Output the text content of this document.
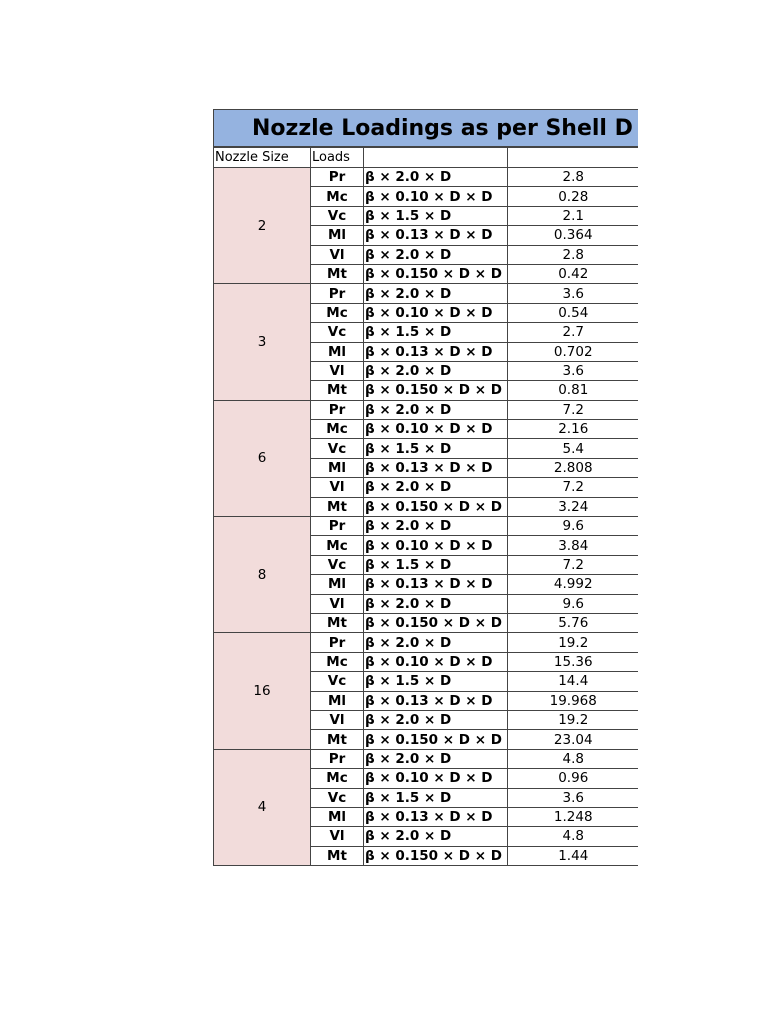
Nozzle Loadings as per Shell D
Nozzle Size	Loads		
2	Pr	β × 2.0 × D	2.8
	Mc	β × 0.10 × D × D	0.28
	Vc	β × 1.5 × D	2.1
	Ml	β × 0.13 × D × D	0.364
	Vl	β × 2.0 × D	2.8
	Mt	β × 0.150 × D × D	0.42
3	Pr	β × 2.0 × D	3.6
	Mc	β × 0.10 × D × D	0.54
	Vc	β × 1.5 × D	2.7
	Ml	β × 0.13 × D × D	0.702
	Vl	β × 2.0 × D	3.6
	Mt	β × 0.150 × D × D	0.81
6	Pr	β × 2.0 × D	7.2
	Mc	β × 0.10 × D × D	2.16
	Vc	β × 1.5 × D	5.4
	Ml	β × 0.13 × D × D	2.808
	Vl	β × 2.0 × D	7.2
	Mt	β × 0.150 × D × D	3.24
8	Pr	β × 2.0 × D	9.6
	Mc	β × 0.10 × D × D	3.84
	Vc	β × 1.5 × D	7.2
	Ml	β × 0.13 × D × D	4.992
	Vl	β × 2.0 × D	9.6
	Mt	β × 0.150 × D × D	5.76
16	Pr	β × 2.0 × D	19.2
	Mc	β × 0.10 × D × D	15.36
	Vc	β × 1.5 × D	14.4
	Ml	β × 0.13 × D × D	19.968
	Vl	β × 2.0 × D	19.2
	Mt	β × 0.150 × D × D	23.04
4	Pr	β × 2.0 × D	4.8
	Mc	β × 0.10 × D × D	0.96
	Vc	β × 1.5 × D	3.6
	Ml	β × 0.13 × D × D	1.248
	Vl	β × 2.0 × D	4.8
	Mt	β × 0.150 × D × D	1.44
